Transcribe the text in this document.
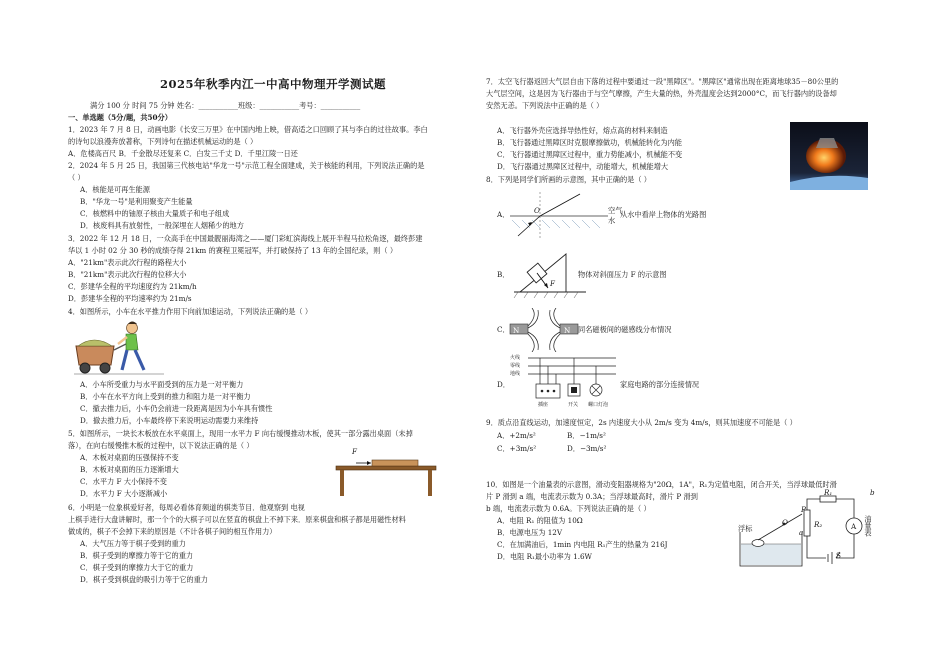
2025年秋季内江一中高中物理开学测试题
满分 100 分 时间 75 分钟 姓名：___________班级：___________考号：___________
一、单选题（5分/题，共50分）
1．2023 年 7 月 8 日，动画电影《长安三万里》在中国内地上映，借高适之口回顾了其与李白的过往故事。李白
的诗句以浪漫奔放著称，下列诗句在描述机械运动的是（ ）
A．危楼高百尺 B．千金散尽还复来 C．白发三千丈 D．千里江陵一日还
2．2024 年 5 月 25 日，我国第三代核电站"华龙一号"示范工程全面建成，关于核能的利用，下列说法正确的是
（ ）
A．核能是可再生能源
B．"华龙一号"是利用聚变产生能量
C．核燃料中的铀原子核由大量质子和电子组成
D．核废料具有放射性，一般深埋在人烟稀少的地方
3．2022 年 12 月 18 日，一众高手在中国最靓丽海湾之——厦门彩虹滨海线上展开半程马拉松角逐，最终彭建
华以 1 小时 02 分 30 秒的成绩夺得 21km 的赛程卫冕冠军，并打破保持了 13 年的全国纪录，则（ ）
A．"21km"表示此次行程的路程大小
B．"21km"表示此次行程的位移大小
C．彭建华全程的平均速度约为 21km/h
D．彭建华全程的平均速率约为 21m/s
4．如图所示，小车在水平推力作用下向前加速运动，下列说法正确的是（ ）
A．小车所受重力与水平面受到的压力是一对平衡力
B．小车在水平方向上受到的推力和阻力是一对平衡力
C．撤去推力后，小车仍会前进一段距离是因为小车具有惯性
D．撤去推力后，小车最终停下来说明运动需要力来维持
5．如图所示，一块长木板放在水平桌面上，现用一水平力 F 向右缓慢推动木板，使其一部分露出桌面（未掉
落），在向右缓慢推木板的过程中，以下说法正确的是（ ）
A．木板对桌面的压强保持不变
B．木板对桌面的压力逐渐增大
C．水平力 F 大小保持不变
D．水平力 F 大小逐渐减小
F
6．小明是一位象棋爱好者，每周必看体育频道的棋类节目．他观察到 电视
上棋手进行大盘讲解时，那一个个的大棋子可以在竖直的棋盘上不掉下来．原来棋盘和棋子都是用磁性材料
做成的，棋子不会掉下来的原因是（不计各棋子间的相互作用力）
A．大气压力等于棋子受到的重力
B．棋子受到的摩擦力等于它的重力
C．棋子受到的摩擦力大于它的重力
D．棋子受到棋盘的吸引力等于它的重力
7．太空飞行器返回大气层自由下落的过程中要通过一段"黑障区"。"黑障区"通常出现在距离地球35－80公里的
大气层空间，这是因为飞行器由于与空气摩擦，产生大量的热，外壳温度会达到2000°C，而飞行器内的设备却
安然无恙。下列说法中正确的是（ ）
A．飞行器外壳应选择导热性好，熔点高的材料来制造
B．飞行器通过黑障区时克服摩擦做功，机械能转化为内能
C．飞行器通过黑障区过程中，重力势能减小，机械能不变
D．飞行器通过黑障区过程中，动能增大，机械能增大
8．下列是同学们所画的示意图，其中正确的是（ ）
A．	O	空气
水
从水中看岸上物体的光路图
B．
F
物体对斜面压力 F 的示意图
C． N	N 同名磁极间的磁感线分布情况
D．
火线
零线
地线
插座	开关 螺口灯泡
家庭电路的部分连接情况
9．质点沿直线运动，加速度恒定，2s 内速度大小从 2m/s 变为 4m/s，则其加速度不可能是（ ）
A．+2m/s²	B．−1m/s²
C．+3m/s²	D．−3m/s²
10．如图是一个油量表的示意图，滑动变阻器规格为"20Ω，1A"，R₁为定值电阻，闭合开关，当浮球最低时滑
片 P 滑到 a 端，电流表示数为 0.3A；当浮球最高时，滑片 P 滑到
b 端，电流表示数为 0.6A。下列说法正确的是（ ）
A．电阻 R₁ 的阻值为 10Ω
B．电源电压为 12V
C．在加满油后，1min 内电阻 R₁产生的热量为 216J
D．电阻 R₁最小功率为 1.6W
浮标	油量表
A
S
R₁
R₂
b
a
P
O
